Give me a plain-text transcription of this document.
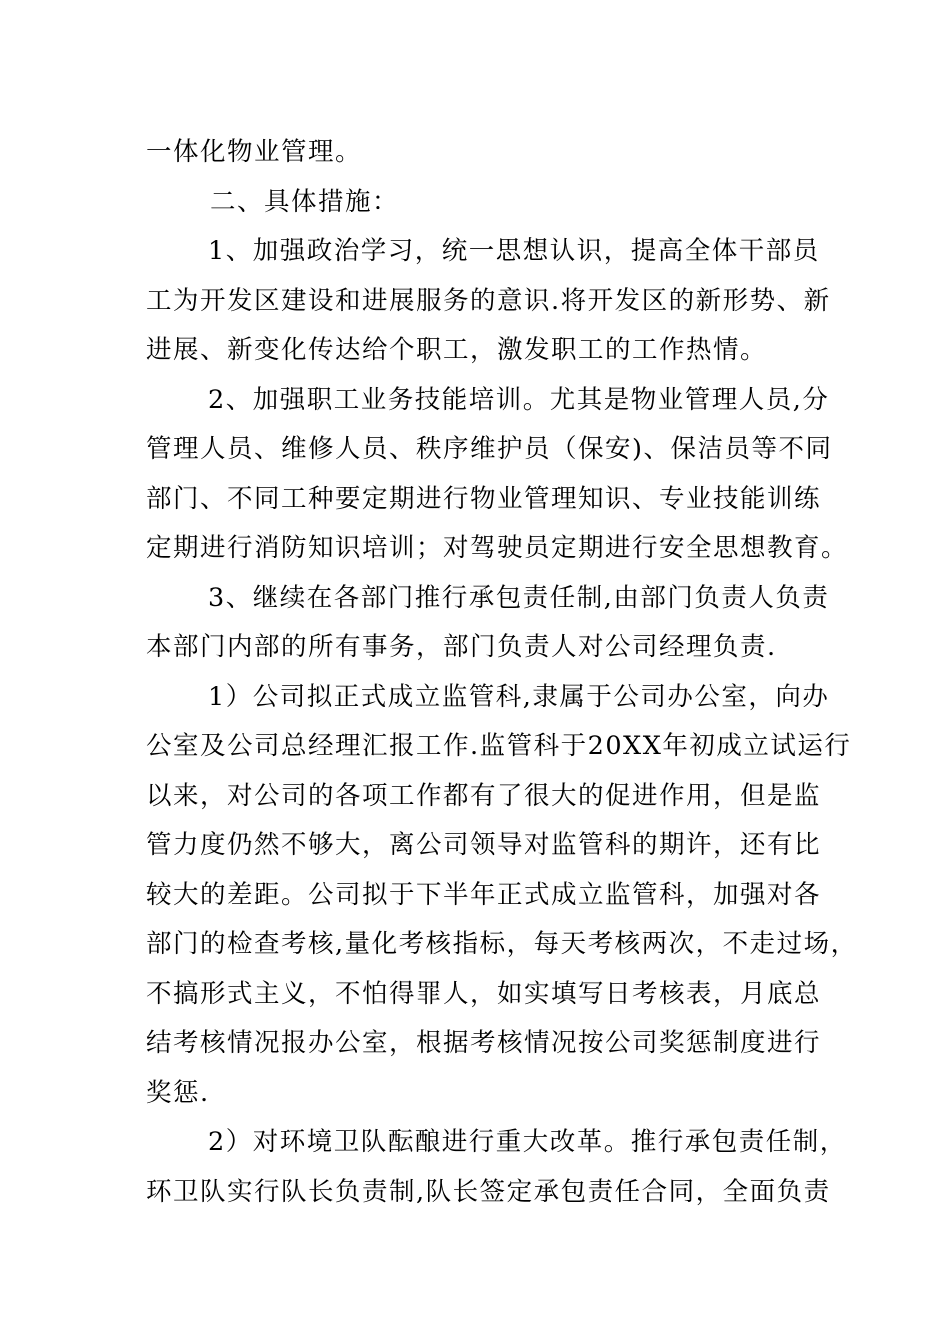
一体化物业管理。
二、具体措施：
1、加强政治学习，统一思想认识，提高全体干部员
工为开发区建设和进展服务的意识.将开发区的新形势、新
进展、新变化传达给个职工，激发职工的工作热情。
2、加强职工业务技能培训。尤其是物业管理人员,分
管理人员、维修人员、秩序维护员（保安)、保洁员等不同
部门、不同工种要定期进行物业管理知识、专业技能训练
定期进行消防知识培训；对驾驶员定期进行安全思想教育。
3、继续在各部门推行承包责任制,由部门负责人负责
本部门内部的所有事务，部门负责人对公司经理负责.
1）公司拟正式成立监管科,隶属于公司办公室，向办
公室及公司总经理汇报工作.监管科于20XX年初成立试运行
以来，对公司的各项工作都有了很大的促进作用，但是监
管力度仍然不够大，离公司领导对监管科的期许，还有比
较大的差距。公司拟于下半年正式成立监管科，加强对各
部门的检查考核,量化考核指标，每天考核两次，不走过场，
不搞形式主义，不怕得罪人，如实填写日考核表，月底总
结考核情况报办公室，根据考核情况按公司奖惩制度进行
奖惩.
2）对环境卫队酝酿进行重大改革。推行承包责任制，
环卫队实行队长负责制,队长签定承包责任合同，全面负责
